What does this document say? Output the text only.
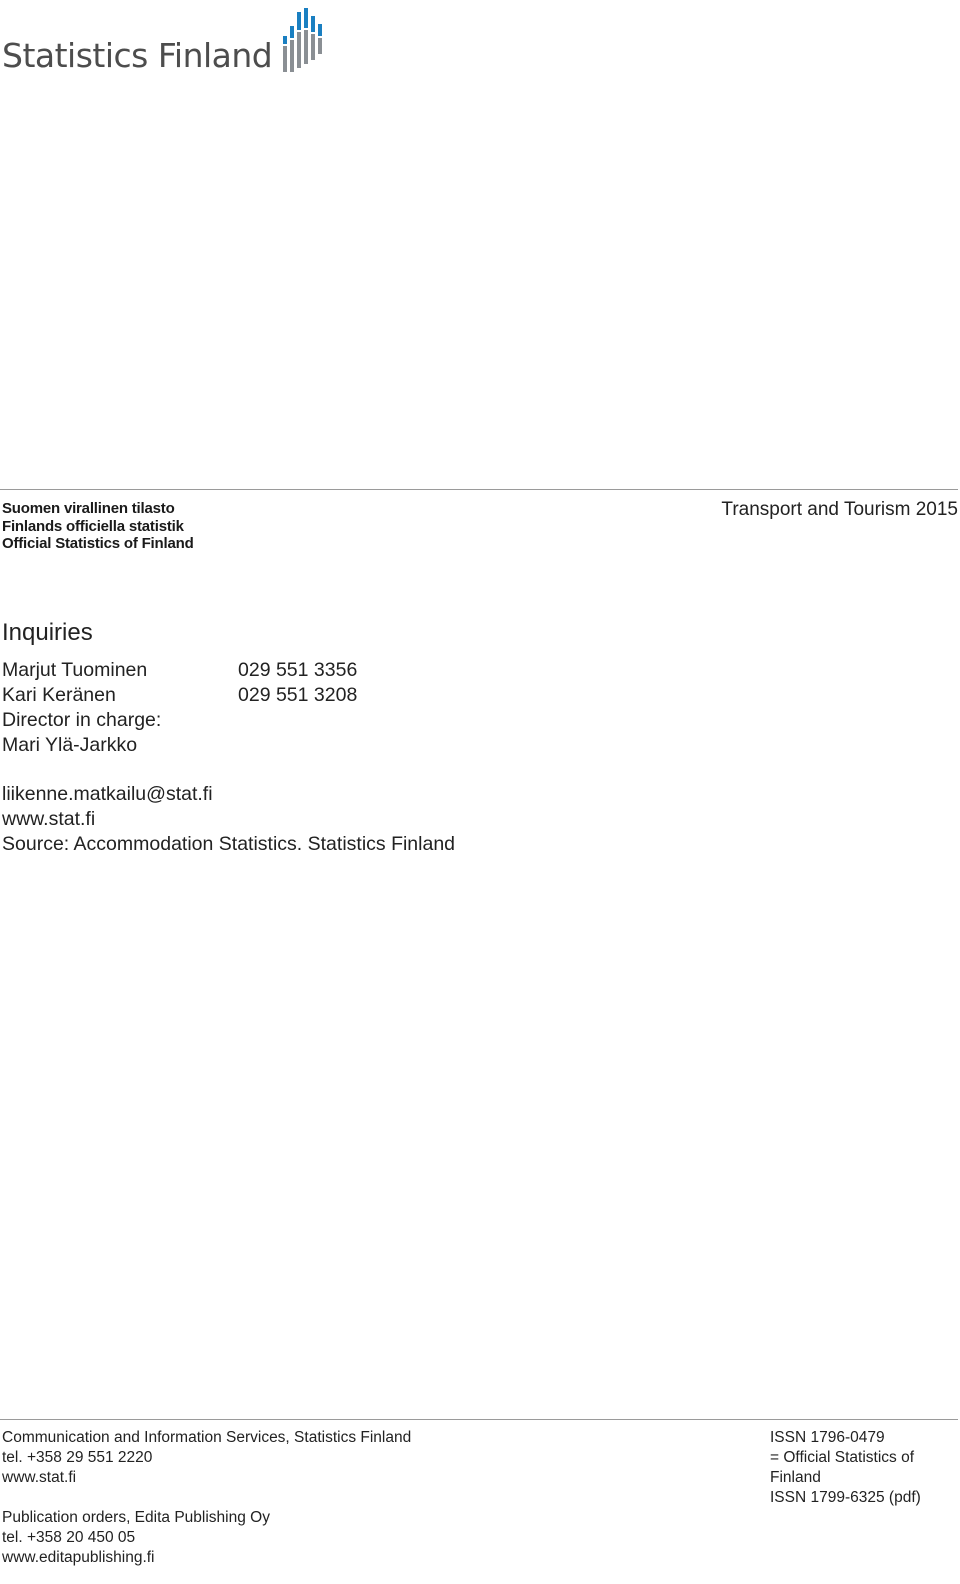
Statistics Finland
Suomen virallinen tilasto
Finlands officiella statistik
Official Statistics of Finland
Transport and Tourism 2015
Inquiries
Marjut Tuominen	029 551 3356
Kari Keränen	029 551 3208
Director in charge:
Mari Ylä-Jarkko
liikenne.matkailu@stat.fi
www.stat.fi
Source: Accommodation Statistics. Statistics Finland
Communication and Information Services, Statistics Finland
tel. +358 29 551 2220
www.stat.fi
Publication orders, Edita Publishing Oy
tel. +358 20 450 05
www.editapublishing.fi
ISSN 1796-0479
= Official Statistics of
Finland
ISSN 1799-6325 (pdf)
